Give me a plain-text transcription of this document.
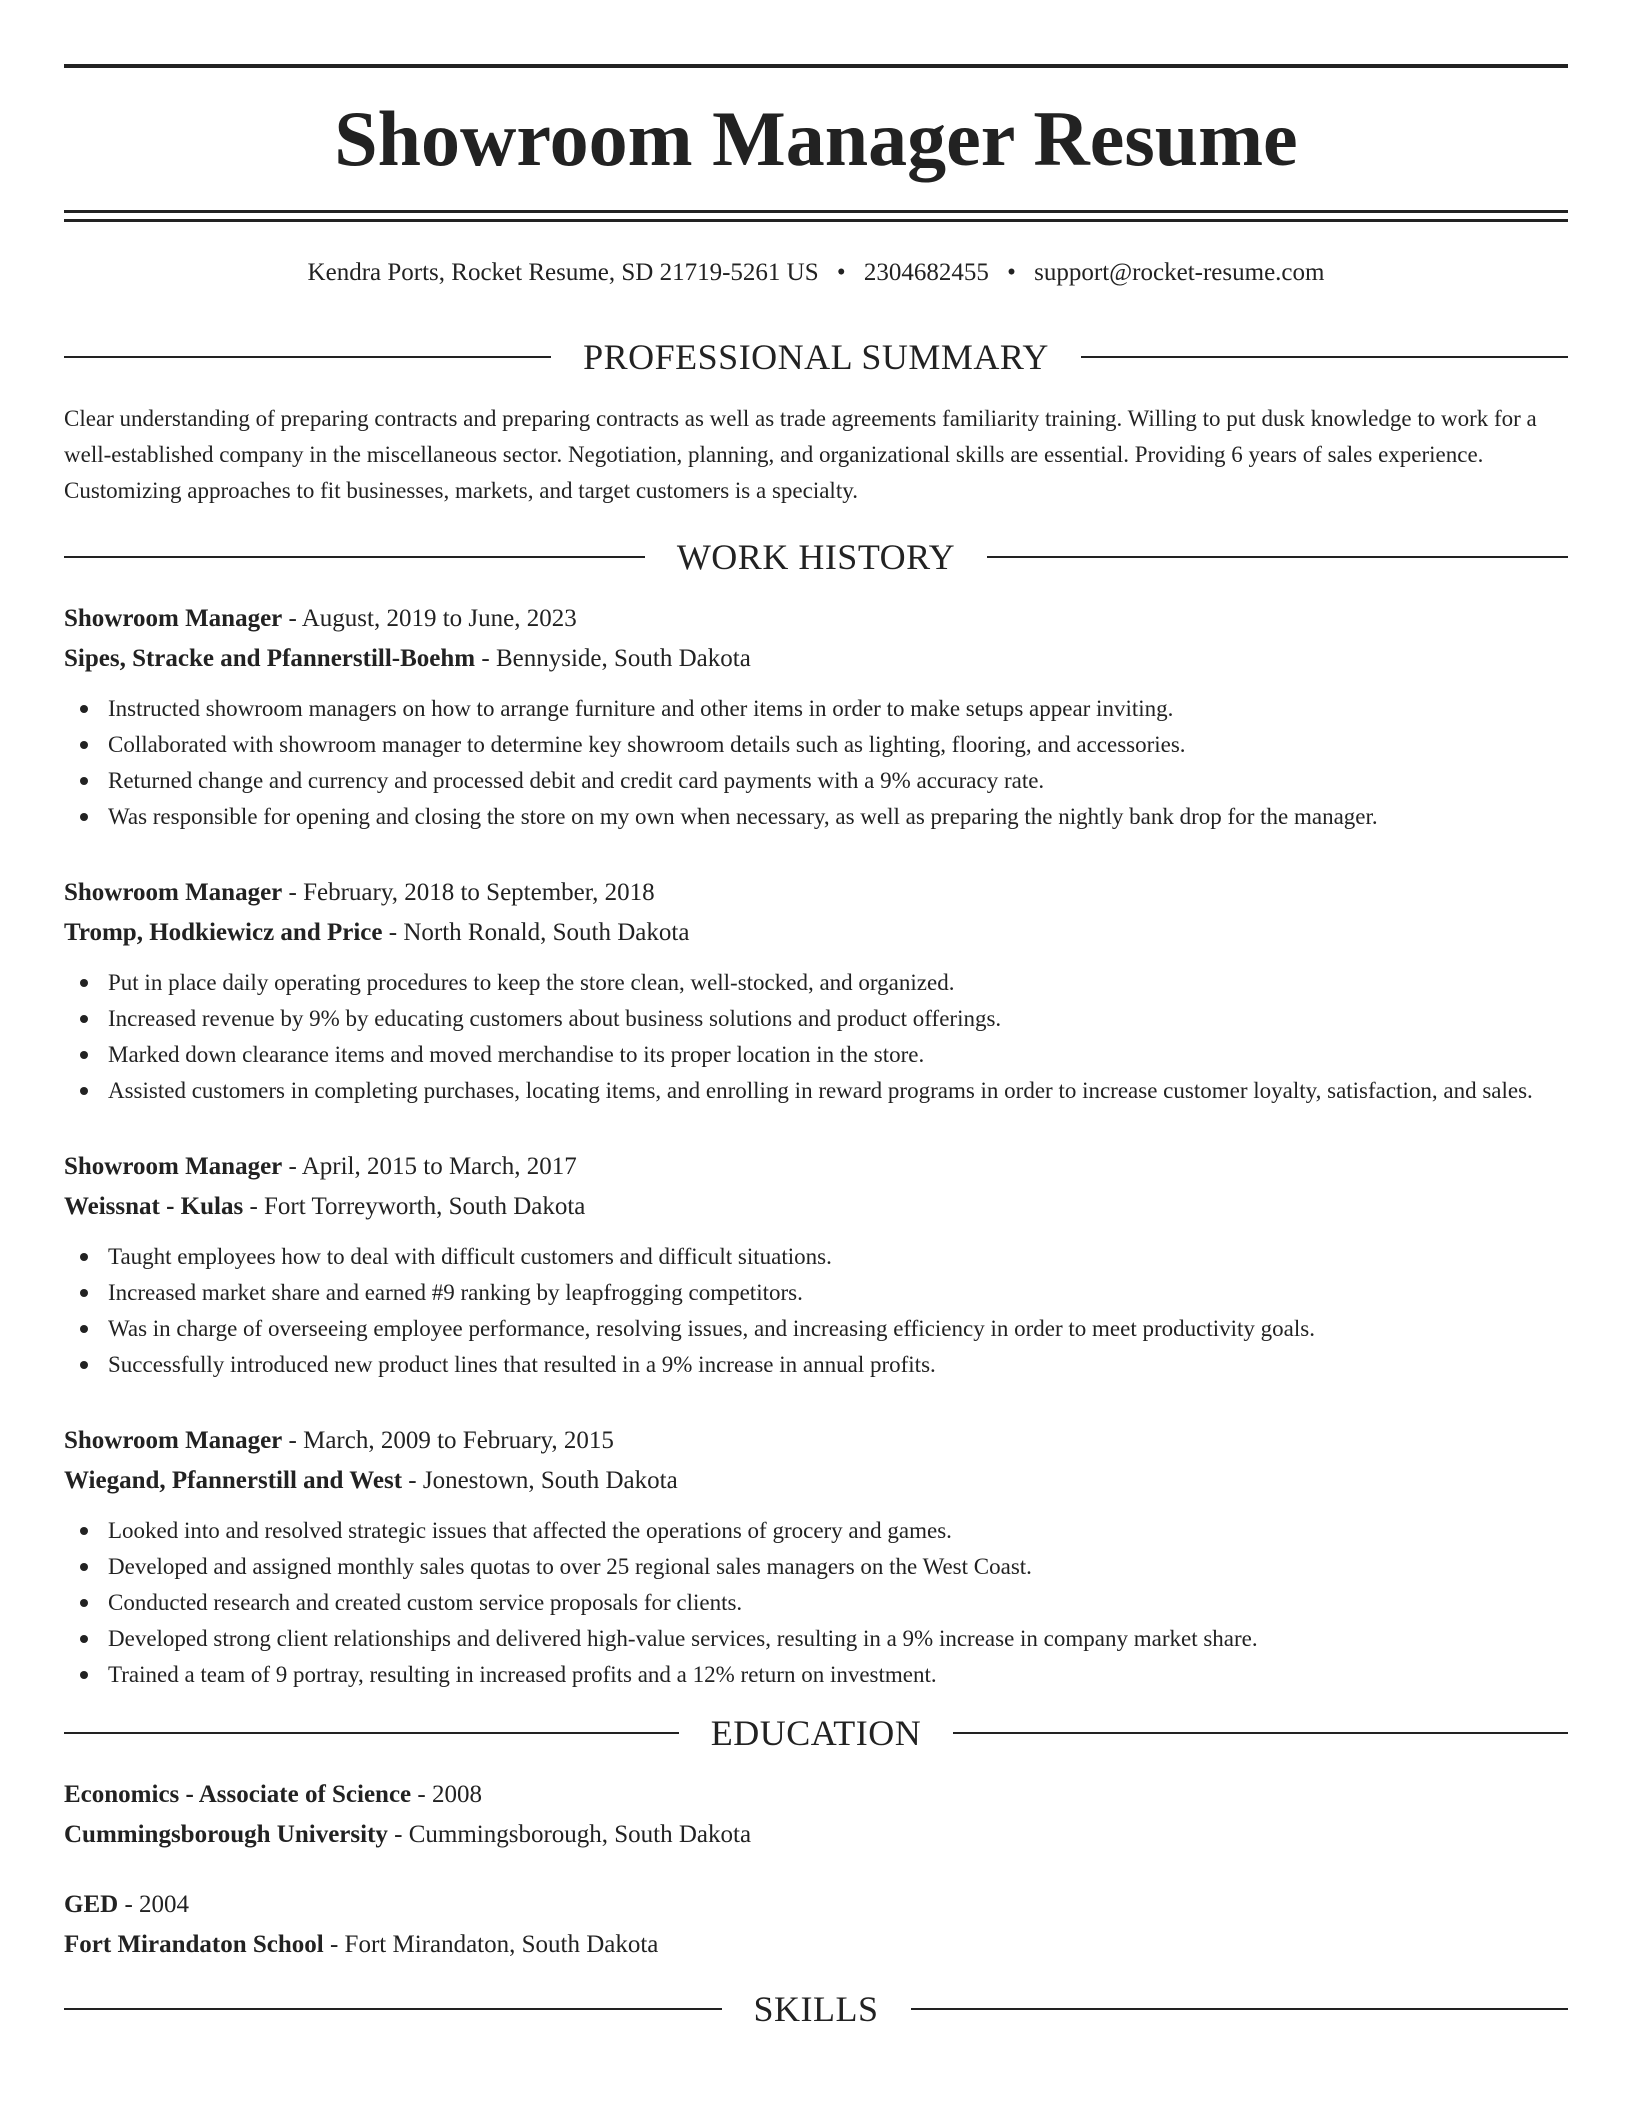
Showroom Manager Resume
Kendra Ports, Rocket Resume, SD 21719-5261 US • 2304682455 • support@rocket-resume.com
PROFESSIONAL SUMMARY

Clear understanding of preparing contracts and preparing contracts as well as trade agreements familiarity training. Willing to put dusk knowledge to work for a well-established company in the miscellaneous sector. Negotiation, planning, and organizational skills are essential. Providing 6 years of sales experience. Customizing approaches to fit businesses, markets, and target customers is a specialty.

WORK HISTORY
Showroom Manager - August, 2019 to June, 2023
Sipes, Stracke and Pfannerstill-Boehm - Bennyside, South Dakota
Instructed showroom managers on how to arrange furniture and other items in order to make setups appear inviting.
Collaborated with showroom manager to determine key showroom details such as lighting, flooring, and accessories.
Returned change and currency and processed debit and credit card payments with a 9% accuracy rate.
Was responsible for opening and closing the store on my own when necessary, as well as preparing the nightly bank drop for the manager.
Showroom Manager - February, 2018 to September, 2018
Tromp, Hodkiewicz and Price - North Ronald, South Dakota
Put in place daily operating procedures to keep the store clean, well-stocked, and organized.
Increased revenue by 9% by educating customers about business solutions and product offerings.
Marked down clearance items and moved merchandise to its proper location in the store.
Assisted customers in completing purchases, locating items, and enrolling in reward programs in order to increase customer loyalty, satisfaction, and sales.
Showroom Manager - April, 2015 to March, 2017
Weissnat - Kulas - Fort Torreyworth, South Dakota
Taught employees how to deal with difficult customers and difficult situations.
Increased market share and earned #9 ranking by leapfrogging competitors.
Was in charge of overseeing employee performance, resolving issues, and increasing efficiency in order to meet productivity goals.
Successfully introduced new product lines that resulted in a 9% increase in annual profits.
Showroom Manager - March, 2009 to February, 2015
Wiegand, Pfannerstill and West - Jonestown, South Dakota
Looked into and resolved strategic issues that affected the operations of grocery and games.
Developed and assigned monthly sales quotas to over 25 regional sales managers on the West Coast.
Conducted research and created custom service proposals for clients.
Developed strong client relationships and delivered high-value services, resulting in a 9% increase in company market share.
Trained a team of 9 portray, resulting in increased profits and a 12% return on investment.
EDUCATION
Economics - Associate of Science - 2008
Cummingsborough University - Cummingsborough, South Dakota
GED - 2004
Fort Mirandaton School - Fort Mirandaton, South Dakota
SKILLS
